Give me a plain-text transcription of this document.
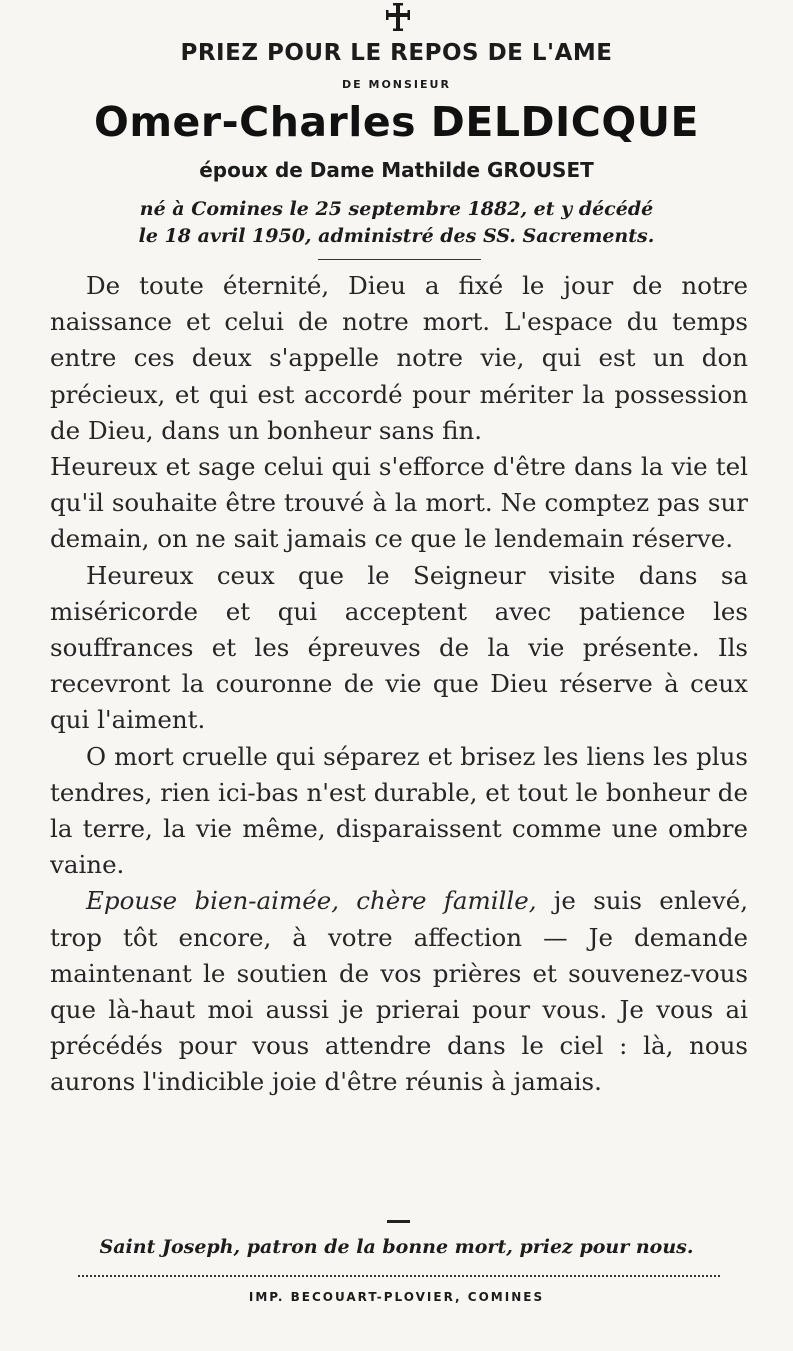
PRIEZ POUR LE REPOS DE L'AME
DE MONSIEUR
Omer-Charles DELDICQUE
époux de Dame Mathilde GROUSET
né à Comines le 25 septembre 1882, et y décédé
le 18 avril 1950, administré des SS. Sacrements.

De toute éternité, Dieu a fixé le jour de notre naissance et celui de notre mort. L'espace du temps entre ces deux s'appelle notre vie, qui est un don précieux, et qui est accordé pour mériter la possession de Dieu, dans un bonheur sans fin.

Heureux et sage celui qui s'efforce d'être dans la vie tel qu'il souhaite être trouvé à la mort. Ne comptez pas sur demain, on ne sait jamais ce que le lendemain réserve.

Heureux ceux que le Seigneur visite dans sa miséricorde et qui acceptent avec patience les souffrances et les épreuves de la vie présente. Ils recevront la couronne de vie que Dieu réserve à ceux qui l'aiment.

O mort cruelle qui séparez et brisez les liens les plus tendres, rien ici-bas n'est durable, et tout le bonheur de la terre, la vie même, disparaissent comme une ombre vaine.

Epouse bien-aimée, chère famille, je suis enlevé, trop tôt encore, à votre affection — Je demande maintenant le soutien de vos prières et souvenez-vous que là-haut moi aussi je prierai pour vous. Je vous ai précédés pour vous attendre dans le ciel : là, nous aurons l'indicible joie d'être réunis à jamais.

Saint Joseph, patron de la bonne mort, priez pour nous.
IMP. BECOUART-PLOVIER, COMINES
